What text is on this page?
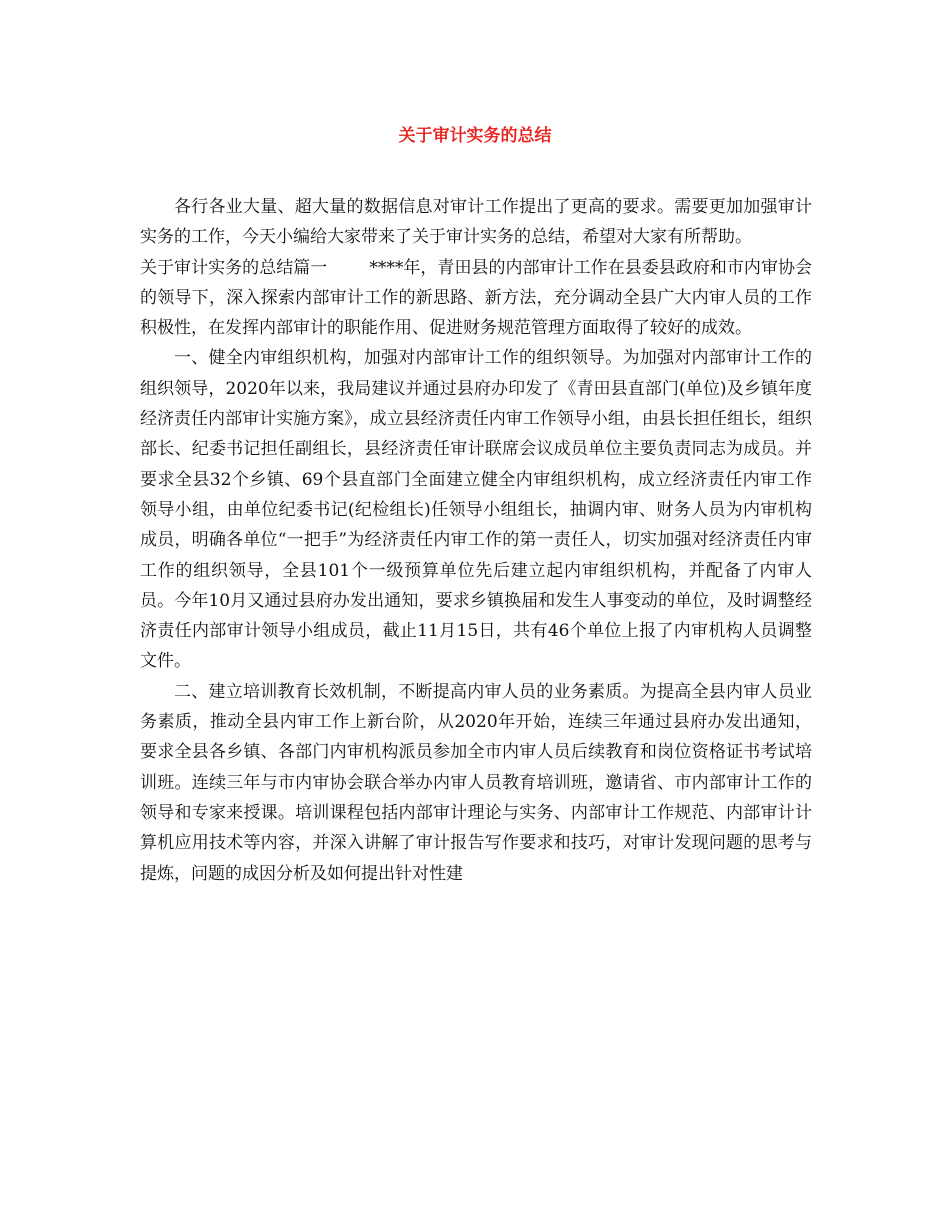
关于审计实务的总结

各行各业大量、超大量的数据信息对审计工作提出了更高的要求。需要更加加强审计实务的工作，今天小编给大家带来了关于审计实务的总结，希望对大家有所帮助。

关于审计实务的总结篇一 ****年，青田县的内部审计工作在县委县政府和市内审协会的领导下，深入探索内部审计工作的新思路、新方法，充分调动全县广大内审人员的工作积极性，在发挥内部审计的职能作用、促进财务规范管理方面取得了较好的成效。

一、健全内审组织机构，加强对内部审计工作的组织领导。为加强对内部审计工作的组织领导，2020年以来，我局建议并通过县府办印发了《青田县直部门(单位)及乡镇年度经济责任内部审计实施方案》，成立县经济责任内审工作领导小组，由县长担任组长，组织部长、纪委书记担任副组长，县经济责任审计联席会议成员单位主要负责同志为成员。并要求全县32个乡镇、69个县直部门全面建立健全内审组织机构，成立经济责任内审工作领导小组，由单位纪委书记(纪检组长)任领导小组组长，抽调内审、财务人员为内审机构成员，明确各单位“一把手”为经济责任内审工作的第一责任人，切实加强对经济责任内审工作的组织领导，全县101个一级预算单位先后建立起内审组织机构，并配备了内审人员。今年10月又通过县府办发出通知，要求乡镇换届和发生人事变动的单位，及时调整经济责任内部审计领导小组成员，截止11月15日，共有46个单位上报了内审机构人员调整文件。

二、建立培训教育长效机制，不断提高内审人员的业务素质。为提高全县内审人员业务素质，推动全县内审工作上新台阶，从2020年开始，连续三年通过县府办发出通知，要求全县各乡镇、各部门内审机构派员参加全市内审人员后续教育和岗位资格证书考试培训班。连续三年与市内审协会联合举办内审人员教育培训班，邀请省、市内部审计工作的领导和专家来授课。培训课程包括内部审计理论与实务、内部审计工作规范、内部审计计算机应用技术等内容，并深入讲解了审计报告写作要求和技巧，对审计发现问题的思考与提炼，问题的成因分析及如何提出针对性建
